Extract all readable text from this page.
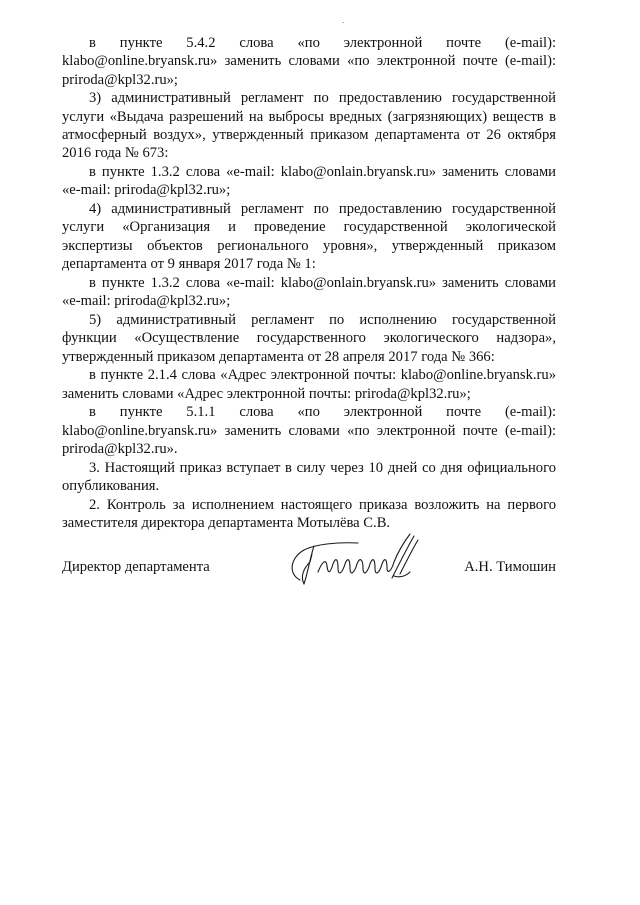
в пункте 5.4.2 слова «по электронной почте (e-mail): klabo@online.bryansk.ru» заменить словами «по электронной почте (e-mail): priroda@kpl32.ru»;

3) административный регламент по предоставлению государственной услуги «Выдача разрешений на выбросы вредных (загрязняющих) веществ в атмосферный воздух», утвержденный приказом департамента от 26 октября 2016 года № 673:

в пункте 1.3.2 слова «e-mail: klabo@onlain.bryansk.ru» заменить словами «e-mail: priroda@kpl32.ru»;

4) административный регламент по предоставлению государственной услуги «Организация и проведение государственной экологической экспертизы объектов регионального уровня», утвержденный приказом департамента от 9 января 2017 года № 1:

в пункте 1.3.2 слова «e-mail: klabo@onlain.bryansk.ru» заменить словами «e-mail: priroda@kpl32.ru»;

5) административный регламент по исполнению государственной функции «Осуществление государственного экологического надзора», утвержденный приказом департамента от 28 апреля 2017 года № 366:

в пункте 2.1.4 слова «Адрес электронной почты: klabo@online.bryansk.ru» заменить словами «Адрес электронной почты: priroda@kpl32.ru»;

в пункте 5.1.1 слова «по электронной почте (e-mail): klabo@online.bryansk.ru» заменить словами «по электронной почте (e-mail): priroda@kpl32.ru».

3. Настоящий приказ вступает в силу через 10 дней со дня официального опубликования.

2. Контроль за исполнением настоящего приказа возложить на первого заместителя директора департамента Мотылёва С.В.

Директор департамента	А.Н. Тимошин
